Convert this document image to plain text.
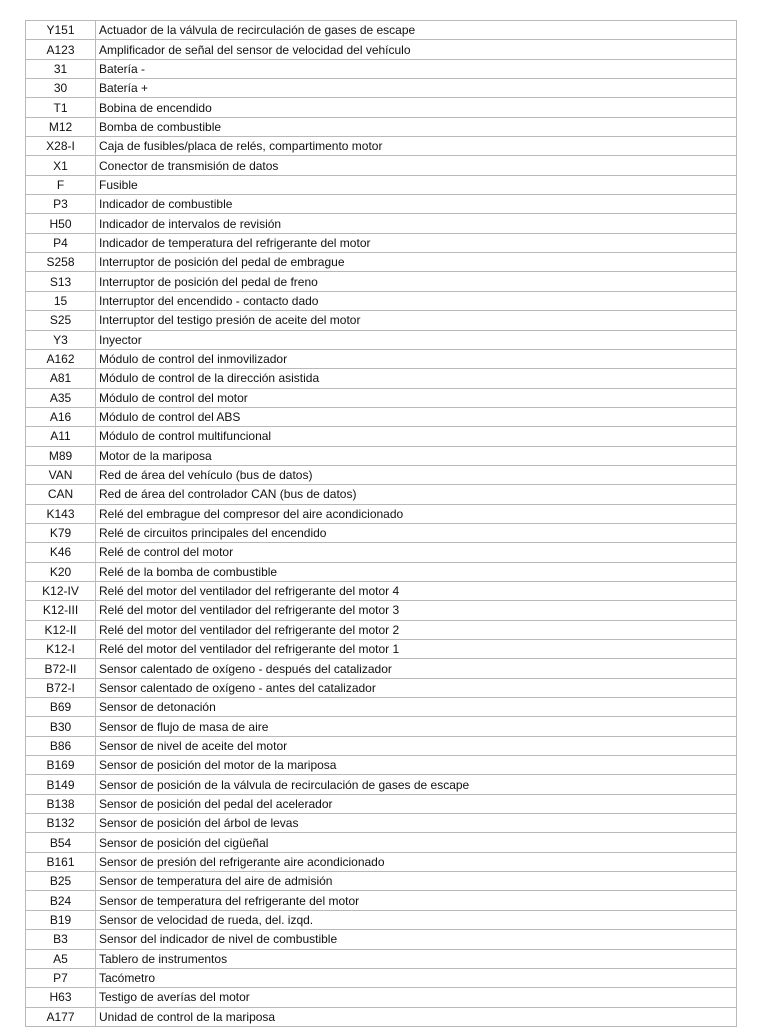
Y151	Actuador de la válvula de recirculación de gases de escape
A123	Amplificador de señal del sensor de velocidad del vehículo
31	Batería -
30	Batería +
T1	Bobina de encendido
M12	Bomba de combustible
X28-I	Caja de fusibles/placa de relés, compartimento motor
X1	Conector de transmisión de datos
F	Fusible
P3	Indicador de combustible
H50	Indicador de intervalos de revisión
P4	Indicador de temperatura del refrigerante del motor
S258	Interruptor de posición del pedal de embrague
S13	Interruptor de posición del pedal de freno
15	Interruptor del encendido - contacto dado
S25	Interruptor del testigo presión de aceite del motor
Y3	Inyector
A162	Módulo de control del inmovilizador
A81	Módulo de control de la dirección asistida
A35	Módulo de control del motor
A16	Módulo de control del ABS
A11	Módulo de control multifuncional
M89	Motor de la mariposa
VAN	Red de área del vehículo (bus de datos)
CAN	Red de área del controlador CAN (bus de datos)
K143	Relé del embrague del compresor del aire acondicionado
K79	Relé de circuitos principales del encendido
K46	Relé de control del motor
K20	Relé de la bomba de combustible
K12-IV	Relé del motor del ventilador del refrigerante del motor 4
K12-III	Relé del motor del ventilador del refrigerante del motor 3
K12-II	Relé del motor del ventilador del refrigerante del motor 2
K12-I	Relé del motor del ventilador del refrigerante del motor 1
B72-II	Sensor calentado de oxígeno - después del catalizador
B72-I	Sensor calentado de oxígeno - antes del catalizador
B69	Sensor de detonación
B30	Sensor de flujo de masa de aire
B86	Sensor de nivel de aceite del motor
B169	Sensor de posición del motor de la mariposa
B149	Sensor de posición de la válvula de recirculación de gases de escape
B138	Sensor de posición del pedal del acelerador
B132	Sensor de posición del árbol de levas
B54	Sensor de posición del cigüeñal
B161	Sensor de presión del refrigerante aire acondicionado
B25	Sensor de temperatura del aire de admisión
B24	Sensor de temperatura del refrigerante del motor
B19	Sensor de velocidad de rueda, del. izqd.
B3	Sensor del indicador de nivel de combustible
A5	Tablero de instrumentos
P7	Tacómetro
H63	Testigo de averías del motor
A177	Unidad de control de la mariposa
